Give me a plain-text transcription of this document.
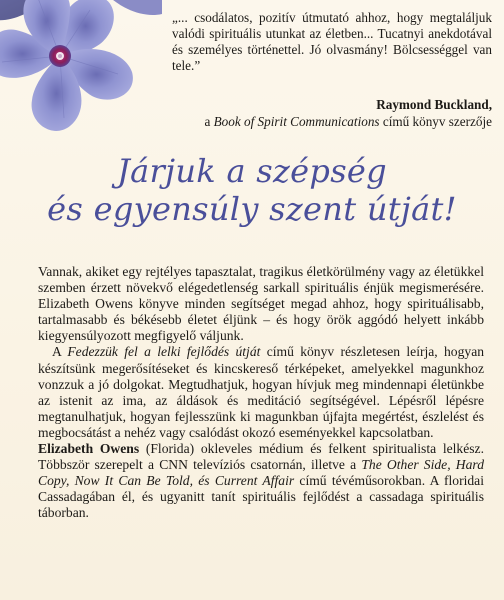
„... csodálatos, pozitív útmutató ahhoz, hogy megtaláljuk valódi spirituális utunkat az életben... Tucatnyi anekdotával és személyes történettel. Jó olvasmány! Bölcsességgel van tele.”

Raymond Buckland,
a Book of Spirit Communications című könyv szerzője
Járjuk a szépség
és egyensúly szent útját!

Vannak, akiket egy rejtélyes tapasztalat, tragikus életkörülmény vagy az életükkel szemben érzett növekvő elégedetlenség sarkall spirituális énjük megismerésére. Elizabeth Owens könyve minden segítséget megad ahhoz, hogy spirituálisabb, tartalmasabb és békésebb életet éljünk – és hogy örök aggódó helyett inkább kiegyensúlyozott megfigyelő váljunk.

A Fedezzük fel a lelki fejlődés útját című könyv részletesen leírja, hogyan készítsünk megerősítéseket és kincskereső térképeket, amelyekkel magunkhoz vonzzuk a jó dolgokat. Megtudhatjuk, hogyan hívjuk meg mindennapi életünkbe az istenit az ima, az áldások és meditáció segítségével. Lépésről lépésre megtanulhatjuk, hogyan fejlesszünk ki magunkban újfajta megértést, észlelést és megbocsátást a nehéz vagy csalódást okozó eseményekkel kapcsolatban.

Elizabeth Owens (Florida) okleveles médium és felkent spiritualista lelkész. Többször szerepelt a CNN televíziós csatornán, illetve a The Other Side, Hard Copy, Now It Can Be Told, és Current Affair című tévéműsorokban. A floridai Cassadagában él, és ugyanitt tanít spirituális fejlődést a cassadaga spirituális táborban.
